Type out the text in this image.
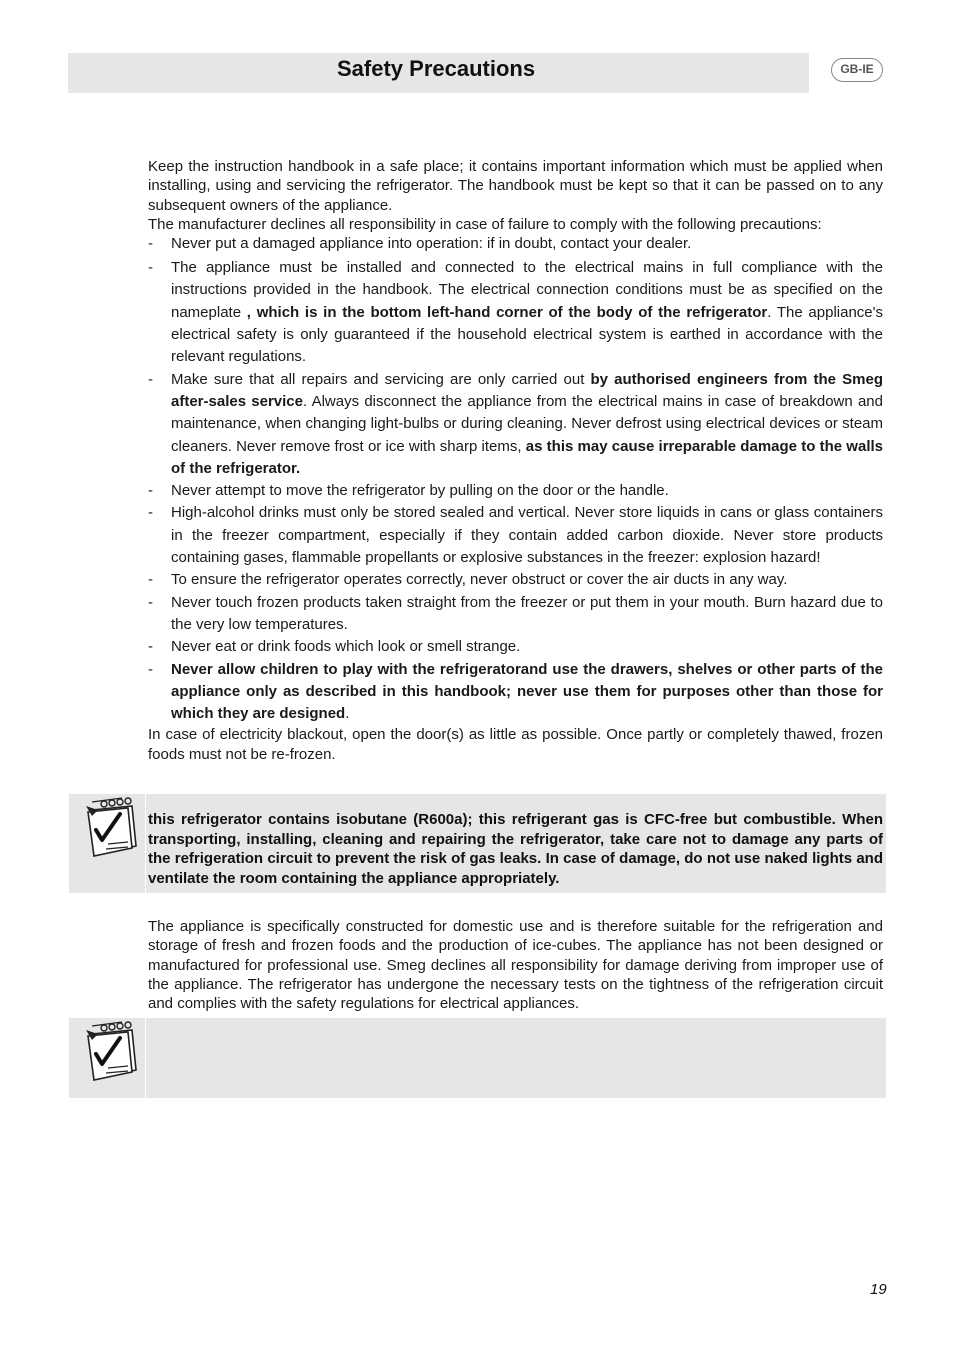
Safety Precautions	GB-IE

Keep the instruction handbook in a safe place; it contains important information which must be applied when installing, using and servicing the refrigerator. The handbook must be kept so that it can be passed on to any subsequent owners of the appliance.

The manufacturer declines all responsibility in case of failure to comply with the following precautions:

- Never put a damaged appliance into operation: if in doubt, contact your dealer.
- The appliance must be installed and connected to the electrical mains in full compliance with the instructions provided in the handbook. The electrical connection conditions must be as specified on the nameplate , which is in the bottom left-hand corner of the body of the refrigerator. The appliance's electrical safety is only guaranteed if the household electrical system is earthed in accordance with the relevant regulations.
- Make sure that all repairs and servicing are only carried out by authorised engineers from the Smeg after-sales service. Always disconnect the appliance from the electrical mains in case of breakdown and maintenance, when changing light-bulbs or during cleaning. Never defrost using electrical devices or steam cleaners. Never remove frost or ice with sharp items, as this may cause irreparable damage to the walls of the refrigerator.
- Never attempt to move the refrigerator by pulling on the door or the handle.
- High-alcohol drinks must only be stored sealed and vertical. Never store liquids in cans or glass containers in the freezer compartment, especially if they contain added carbon dioxide. Never store products containing gases, flammable propellants or explosive substances in the freezer: explosion hazard!
- To ensure the refrigerator operates correctly, never obstruct or cover the air ducts in any way.
- Never touch frozen products taken straight from the freezer or put them in your mouth. Burn hazard due to the very low temperatures.
- Never eat or drink foods which look or smell strange.
- Never allow children to play with the refrigeratorand use the drawers, shelves or other parts of the appliance only as described in this handbook; never use them for purposes other than those for which they are designed.

In case of electricity blackout, open the door(s) as little as possible. Once partly or completely thawed, frozen foods must not be re-frozen.

this refrigerator contains isobutane (R600a); this refrigerant gas is CFC-free but combustible. When transporting, installing, cleaning and repairing the refrigerator, take care not to damage any parts of the refrigeration circuit to prevent the risk of gas leaks. In case of damage, do not use naked lights and ventilate the room containing the appliance appropriately.

The appliance is specifically constructed for domestic use and is therefore suitable for the refrigeration and storage of fresh and frozen foods and the production of ice-cubes. The appliance has not been designed or manufactured for professional use. Smeg declines all responsibility for damage deriving from improper use of the appliance. The refrigerator has undergone the necessary tests on the tightness of the refrigeration circuit and complies with the safety regulations for electrical appliances.

19
